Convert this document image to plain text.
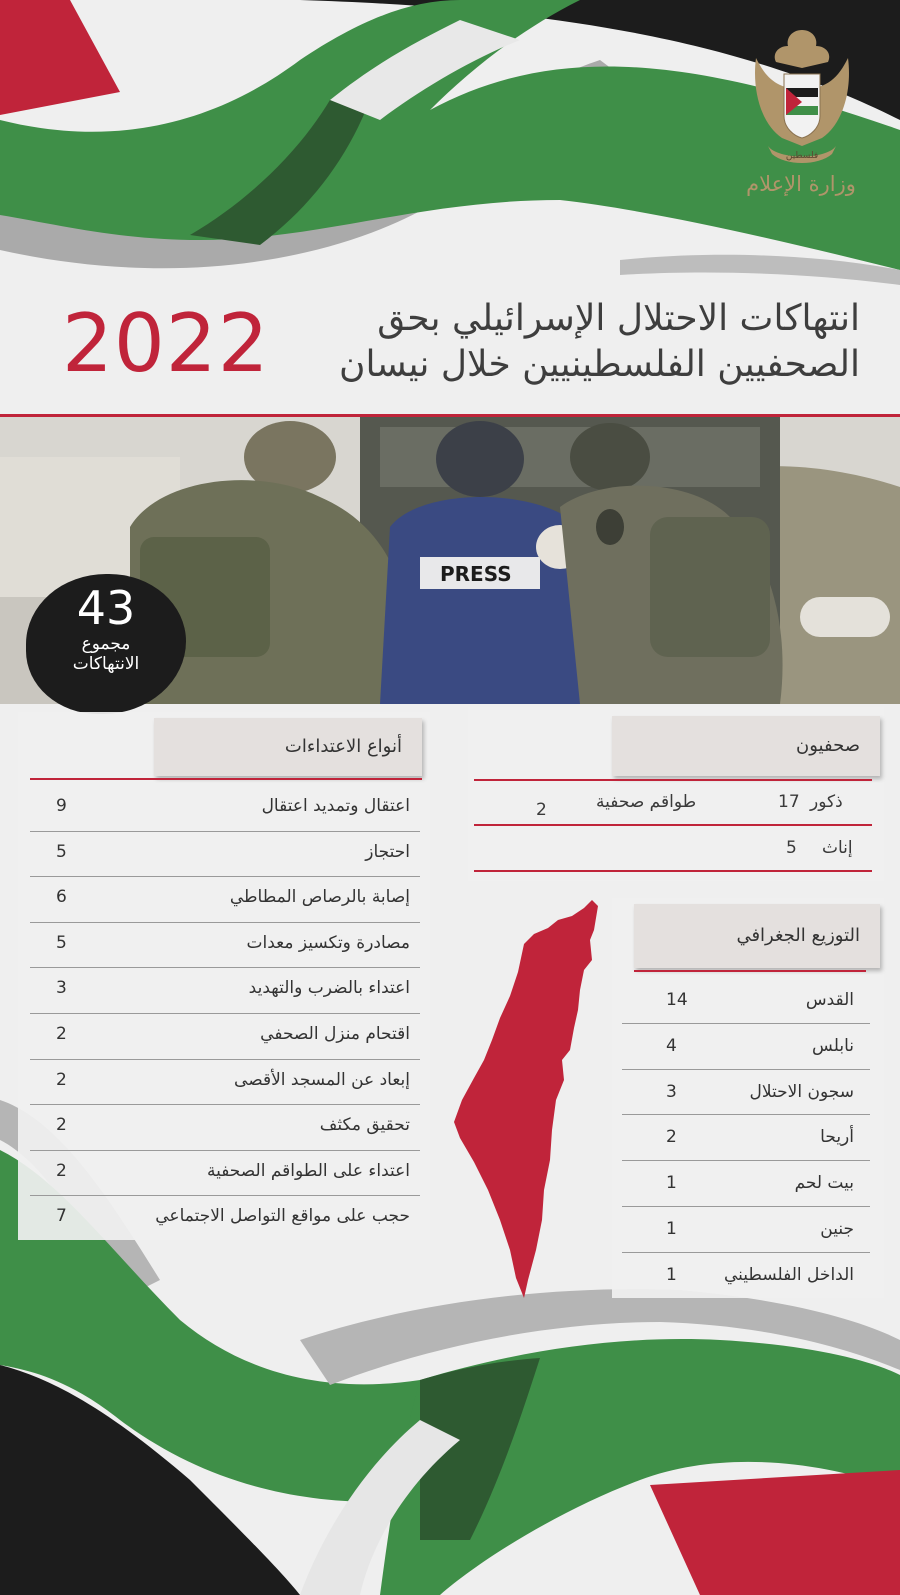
فلسطين
وزارة الإعلام
انتهاكات الاحتلال الإسرائيلي بحق
الصحفيين الفلسطينيين خلال نيسان
2022
PRESS
43
مجموع
الانتهاكات
أنواع الاعتداءات
اعتقال وتمديد اعتقال
9
احتجاز
5
إصابة بالرصاص المطاطي
6
مصادرة وتكسيز معدات
5
اعتداء بالضرب والتهديد
3
اقتحام منزل الصحفي
2
إبعاد عن المسجد الأقصى
2
تحقيق مكثف
2
اعتداء على الطواقم الصحفية
2
حجب على مواقع التواصل الاجتماعي
7
صحفيون
ذكور
17
طواقم صحفية
2
إناث
5
التوزيع الجغرافي
القدس
14
نابلس
4
سجون الاحتلال
3
أريحا
2
بيت لحم
1
جنين
1
الداخل الفلسطيني
1
